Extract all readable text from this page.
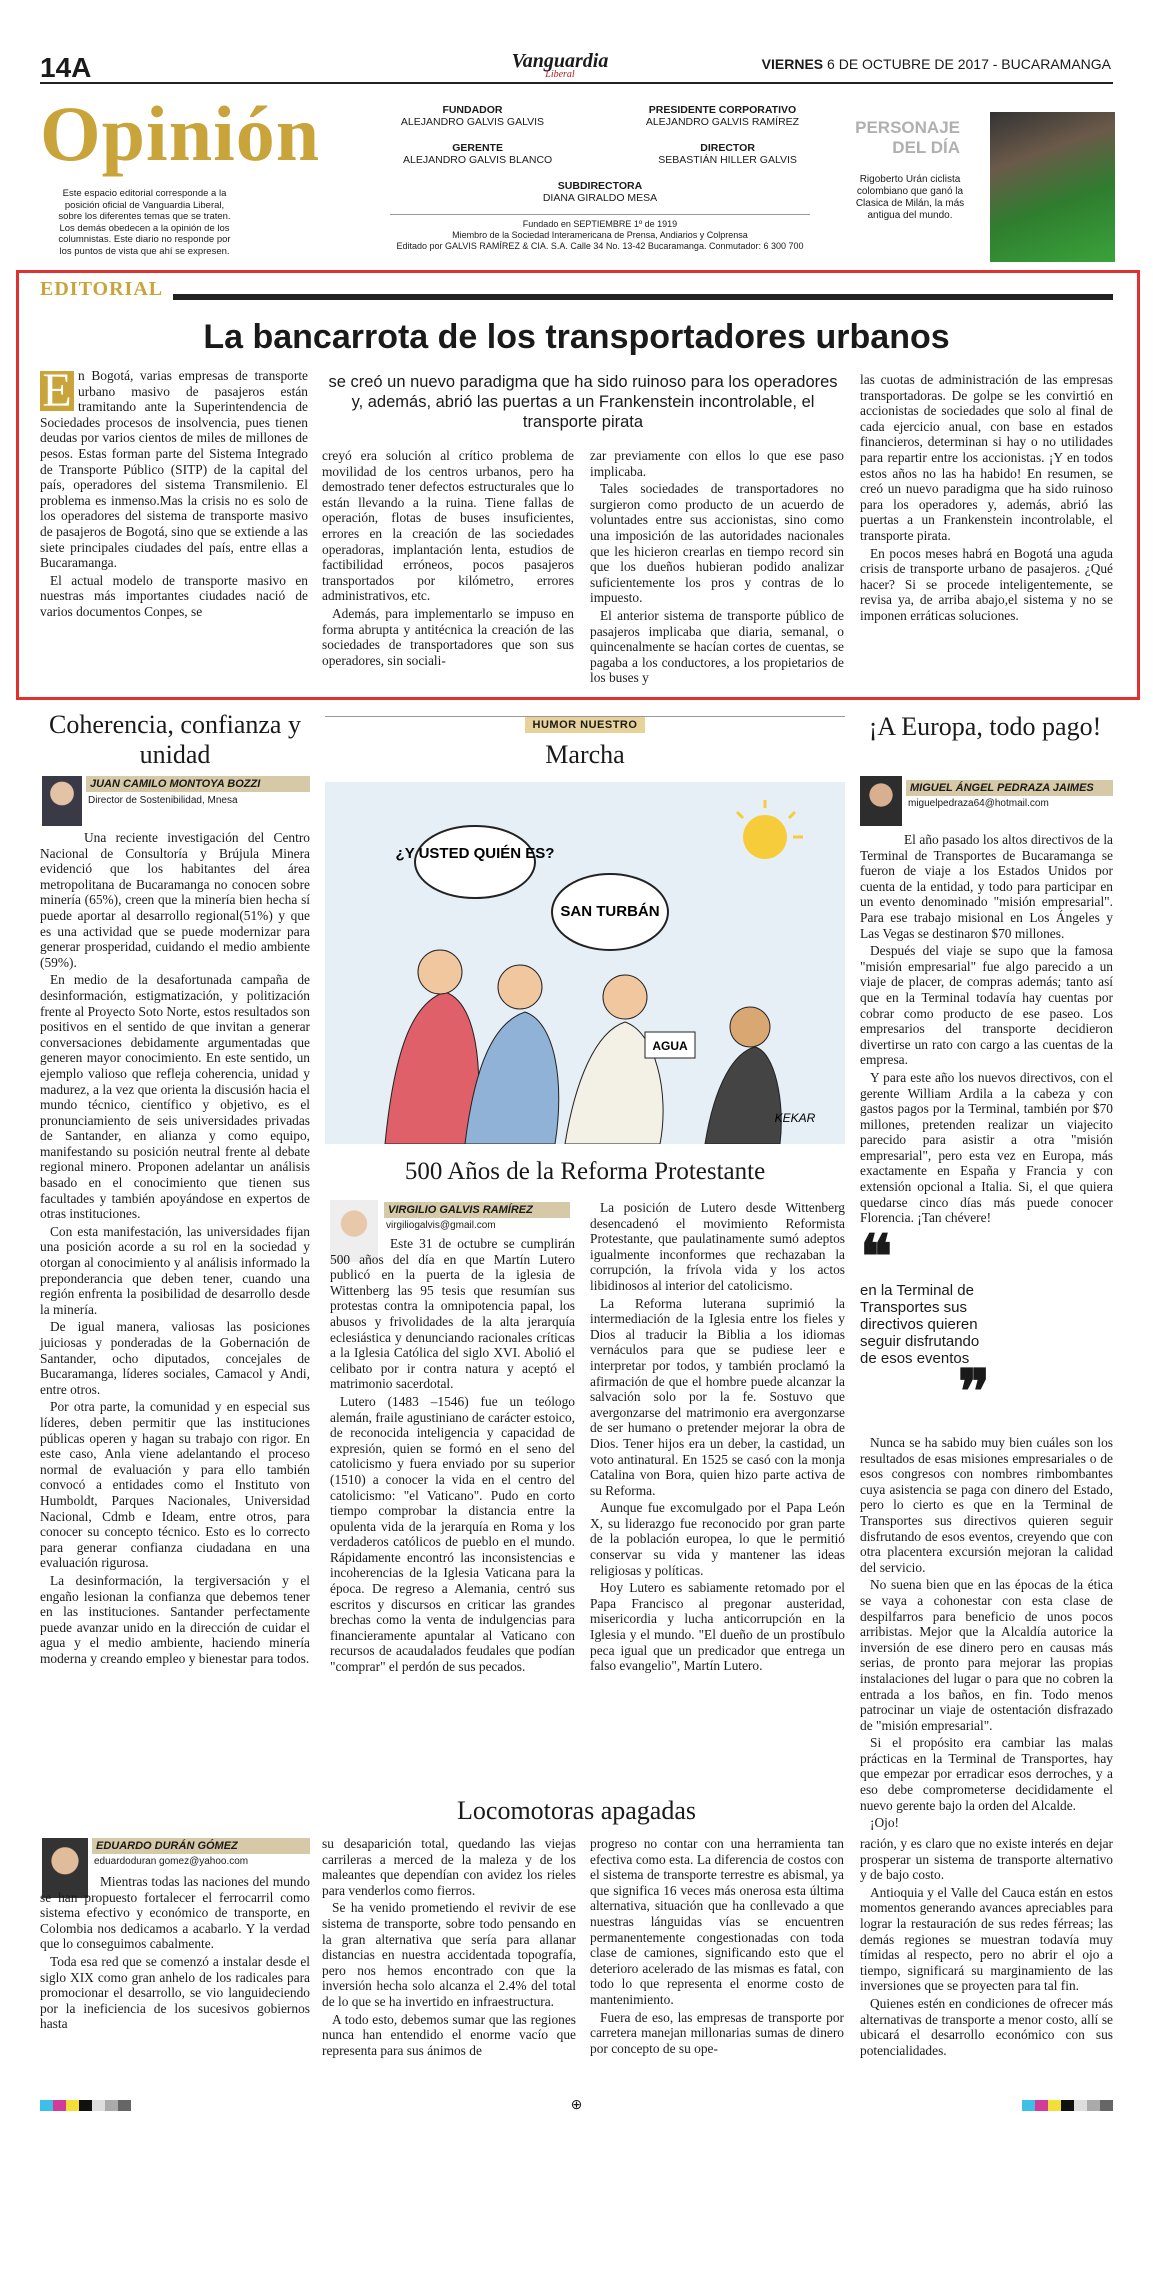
14A	Vanguardia
Liberal
VIERNES 6 DE OCTUBRE DE 2017 - BUCARAMANGA
Opinión
Este espacio editorial corresponde a la posición oficial de Vanguardia Liberal, sobre los diferentes temas que se traten. Los demás obedecen a la opinión de los columnistas. Este diario no responde por los puntos de vista que ahí se expresen.
FUNDADOR
ALEJANDRO GALVIS GALVIS
PRESIDENTE CORPORATIVO
ALEJANDRO GALVIS RAMÍREZ
GERENTE
ALEJANDRO GALVIS BLANCO
DIRECTOR
SEBASTIÁN HILLER GALVIS
SUBDIRECTORA
DIANA GIRALDO MESA
Fundado en SEPTIEMBRE 1º de 1919
Miembro de la Sociedad Interamericana de Prensa, Andiarios y Colprensa
Editado por GALVIS RAMÍREZ & CIA. S.A. Calle 34 No. 13-42 Bucaramanga. Conmutador: 6 300 700
PERSONAJE
DEL DÍA
Rigoberto Urán ciclista colombiano que ganó la Clasica de Milán, la más antigua del mundo.
EDITORIAL
La bancarrota de los transportadores urbanos

E n Bogotá, varias empresas de transporte urbano masivo de pasajeros están tramitando ante la Superintendencia de Sociedades procesos de insolvencia, pues tienen deudas por varios cientos de miles de millones de pesos. Estas forman parte del Sistema Integrado de Transporte Público (SITP) de la capital del país, operadores del sistema Transmilenio. El problema es inmenso.Mas la crisis no es solo de los operadores del sistema de transporte masivo de pasajeros de Bogotá, sino que se extiende a las siete principales ciudades del país, entre ellas a Bucaramanga.

El actual modelo de transporte masivo en nuestras más importantes ciudades nació de varios documentos Conpes, se

se creó un nuevo paradigma que ha sido ruinoso para los operadores y, además, abrió las puertas a un Frankenstein incontrolable, el transporte pirata

creyó era solución al crítico problema de movilidad de los centros urbanos, pero ha demostrado tener defectos estructurales que lo están llevando a la ruina. Tiene fallas de operación, flotas de buses insuficientes, errores en la creación de las sociedades operadoras, implantación lenta, estudios de factibilidad erróneos, pocos pasajeros transportados por kilómetro, errores administrativos, etc.

Además, para implementarlo se impuso en forma abrupta y antitécnica la creación de las sociedades de transportadores que son sus operadores, sin sociali-

zar previamente con ellos lo que ese paso implicaba.

Tales sociedades de transportadores no surgieron como producto de un acuerdo de voluntades entre sus accionistas, sino como una imposición de las autoridades nacionales que les hicieron crearlas en tiempo record sin que los dueños hubieran podido analizar suficientemente los pros y contras de lo impuesto.

El anterior sistema de transporte público de pasajeros implicaba que diaria, semanal, o quincenalmente se hacían cortes de cuentas, se pagaba a los conductores, a los propietarios de los buses y

las cuotas de administración de las empresas transportadoras. De golpe se les convirtió en accionistas de sociedades que solo al final de cada ejercicio anual, con base en estados financieros, determinan si hay o no utilidades para repartir entre los accionistas. ¡Y en todos estos años no las ha habido! En resumen, se creó un nuevo paradigma que ha sido ruinoso para los operadores y, además, abrió las puertas a un Frankenstein incontrolable, el transporte pirata.

En pocos meses habrá en Bogotá una aguda crisis de transporte urbano de pasajeros. ¿Qué hacer? Si se procede inteligentemente, se revisa ya, de arriba abajo,el sistema y no se imponen erráticas soluciones.

Coherencia, confianza y unidad
JUAN CAMILO MONTOYA BOZZI
Director de Sostenibilidad, Mnesa

Una reciente investigación del Centro Nacional de Consultoría y Brújula Minera evidenció que los habitantes del área metropolitana de Bucaramanga no conocen sobre minería (65%), creen que la minería bien hecha sí puede aportar al desarrollo regional(51%) y que es una actividad que se puede modernizar para generar prosperidad, cuidando el medio ambiente (59%).

En medio de la desafortunada campaña de desinformación, estigmatización, y politización frente al Proyecto Soto Norte, estos resultados son positivos en el sentido de que invitan a generar conversaciones debidamente argumentadas que generen mayor conocimiento. En este sentido, un ejemplo valioso que refleja coherencia, unidad y madurez, a la vez que orienta la discusión hacia el mundo técnico, científico y objetivo, es el pronunciamiento de seis universidades privadas de Santander, en alianza y como equipo, manifestando su posición neutral frente al debate regional minero. Proponen adelantar un análisis basado en el conocimiento que tienen sus facultades y también apoyándose en expertos de otras instituciones.

Con esta manifestación, las universidades fijan una posición acorde a su rol en la sociedad y otorgan al conocimiento y al análisis informado la preponderancia que deben tener, cuando una región enfrenta la posibilidad de desarrollo desde la minería.

De igual manera, valiosas las posiciones juiciosas y ponderadas de la Gobernación de Santander, ocho diputados, concejales de Bucaramanga, líderes sociales, Camacol y Andi, entre otros.

Por otra parte, la comunidad y en especial sus líderes, deben permitir que las instituciones públicas operen y hagan su trabajo con rigor. En este caso, Anla viene adelantando el proceso normal de evaluación y para ello también convocó a entidades como el Instituto von Humboldt, Parques Nacionales, Universidad Nacional, Cdmb e Ideam, entre otros, para conocer su concepto técnico. Esto es lo correcto para generar confianza ciudadana en una evaluación rigurosa.

La desinformación, la tergiversación y el engaño lesionan la confianza que debemos tener en las instituciones. Santander perfectamente puede avanzar unido en la dirección de cuidar el agua y el medio ambiente, haciendo minería moderna y creando empleo y bienestar para todos.

HUMOR NUESTRO
Marcha
AGUA
¿Y USTED QUIÉN ES?
SAN TURBÁN
KEKAR
500 Años de la Reforma Protestante
VIRGILIO GALVIS RAMÍREZ
virgiliogalvis@gmail.com

Este 31 de octubre se cumplirán 500 años del día en que Martín Lutero publicó en la puerta de la iglesia de Wittenberg las 95 tesis que resumían sus protestas contra la omnipotencia papal, los abusos y frivolidades de la alta jerarquía eclesiástica y denunciando racionales críticas a la Iglesia Católica del siglo XVI. Abolió el celibato por ir contra natura y aceptó el matrimonio sacerdotal.

Lutero (1483 –1546) fue un teólogo alemán, fraile agustiniano de carácter estoico, de reconocida inteligencia y capacidad de expresión, quien se formó en el seno del catolicismo y fuera enviado por su superior (1510) a conocer la vida en el centro del catolicismo: "el Vaticano". Pudo en corto tiempo comprobar la distancia entre la opulenta vida de la jerarquía en Roma y los verdaderos católicos de pueblo en el mundo. Rápidamente encontró las inconsistencias e incoherencias de la Iglesia Vaticana para la época. De regreso a Alemania, centró sus escritos y discursos en criticar las grandes brechas como la venta de indulgencias para financieramente apuntalar al Vaticano con recursos de acaudalados feudales que podían "comprar" el perdón de sus pecados.

La posición de Lutero desde Wittenberg desencadenó el movimiento Reformista Protestante, que paulatinamente sumó adeptos igualmente inconformes que rechazaban la corrupción, la frívola vida y los actos libidinosos al interior del catolicismo.

La Reforma luterana suprimió la intermediación de la Iglesia entre los fieles y Dios al traducir la Biblia a los idiomas vernáculos para que se pudiese leer e interpretar por todos, y también proclamó la afirmación de que el hombre puede alcanzar la salvación solo por la fe. Sostuvo que avergonzarse del matrimonio era avergonzarse de ser humano o pretender mejorar la obra de Dios. Tener hijos era un deber, la castidad, un voto antinatural. En 1525 se casó con la monja Catalina von Bora, quien hizo parte activa de su Reforma.

Aunque fue excomulgado por el Papa León X, su liderazgo fue reconocido por gran parte de la población europea, lo que le permitió conservar su vida y mantener las ideas religiosas y políticas.

Hoy Lutero es sabiamente retomado por el Papa Francisco al pregonar austeridad, misericordia y lucha anticorrupción en la Iglesia y el mundo. "El dueño de un prostíbulo peca igual que un predicador que entrega un falso evangelio", Martín Lutero.

¡A Europa, todo pago!
MIGUEL ÁNGEL PEDRAZA JAIMES
miguelpedraza64@hotmail.com
❝
en la Terminal de Transportes sus directivos quieren seguir disfrutando de esos eventos
❞

El año pasado los altos directivos de la Terminal de Transportes de Bucaramanga se fueron de viaje a los Estados Unidos por cuenta de la entidad, y todo para participar en un evento denominado "misión empresarial". Para ese trabajo misional en Los Ángeles y Las Vegas se destinaron $70 millones.

Después del viaje se supo que la famosa "misión empresarial" fue algo parecido a un viaje de placer, de compras además; tanto así que en la Terminal todavía hay cuentas por cobrar como producto de ese paseo. Los empresarios del transporte decidieron divertirse un rato con cargo a las cuentas de la empresa.

Y para este año los nuevos directivos, con el gerente William Ardila a la cabeza y con gastos pagos por la Terminal, también por $70 millones, pretenden realizar un viajecito parecido para asistir a otra "misión empresarial", pero esta vez en Europa, más exactamente en España y Francia y con extensión opcional a Italia. Si, el que quiera quedarse cinco días más puede conocer Florencia. ¡Tan chévere!

Nunca se ha sabido muy bien cuáles son los resultados de esas misiones empresariales o de esos congresos con nombres rimbombantes cuya asistencia se paga con dinero del Estado, pero lo cierto es que en la Terminal de Transportes sus directivos quieren seguir disfrutando de esos eventos, creyendo que con otra placentera excursión mejoran la calidad del servicio.

No suena bien que en las épocas de la ética se vaya a cohonestar con esta clase de despilfarros para beneficio de unos pocos arribistas. Mejor que la Alcaldía autorice la inversión de ese dinero pero en causas más serias, de pronto para mejorar las propias instalaciones del lugar o para que no cobren la entrada a los baños, en fin. Todo menos patrocinar un viaje de ostentación disfrazado de "misión empresarial".

Si el propósito era cambiar las malas prácticas en la Terminal de Transportes, hay que empezar por erradicar esos derroches, y a eso debe comprometerse decididamente el nuevo gerente bajo la orden del Alcalde.

¡Ojo!

Locomotoras apagadas
EDUARDO DURÁN GÓMEZ
eduardoduran gomez@yahoo.com

Mientras todas las naciones del mundo se han propuesto fortalecer el ferrocarril como sistema efectivo y económico de transporte, en Colombia nos dedicamos a acabarlo. Y la verdad que lo conseguimos cabalmente.

Toda esa red que se comenzó a instalar desde el siglo XIX como gran anhelo de los radicales para promocionar el desarrollo, se vio languideciendo por la ineficiencia de los sucesivos gobiernos hasta

su desaparición total, quedando las viejas carrileras a merced de la maleza y de los maleantes que dependían con avidez los rieles para venderlos como fierros.

Se ha venido prometiendo el revivir de ese sistema de transporte, sobre todo pensando en la gran alternativa que sería para allanar distancias en nuestra accidentada topografía, pero nos hemos encontrado con que la inversión hecha solo alcanza el 2.4% del total de lo que se ha invertido en infraestructura.

A todo esto, debemos sumar que las regiones nunca han entendido el enorme vacío que representa para sus ánimos de

progreso no contar con una herramienta tan efectiva como esta. La diferencia de costos con el sistema de transporte terrestre es abismal, ya que significa 16 veces más onerosa esta última alternativa, situación que ha conllevado a que nuestras lánguidas vías se encuentren permanentemente congestionadas con toda clase de camiones, significando esto que el deterioro acelerado de las mismas es fatal, con todo lo que representa el enorme costo de mantenimiento.

Fuera de eso, las empresas de transporte por carretera manejan millonarias sumas de dinero por concepto de su ope-

ración, y es claro que no existe interés en dejar prosperar un sistema de transporte alternativo y de bajo costo.

Antioquia y el Valle del Cauca están en estos momentos generando avances apreciables para lograr la restauración de sus redes férreas; las demás regiones se muestran todavía muy tímidas al respecto, pero no abrir el ojo a tiempo, significará su marginamiento de las inversiones que se proyecten para tal fin.

Quienes estén en condiciones de ofrecer más alternativas de transporte a menor costo, allí se ubicará el desarrollo económico con sus potencialidades.

⊕
